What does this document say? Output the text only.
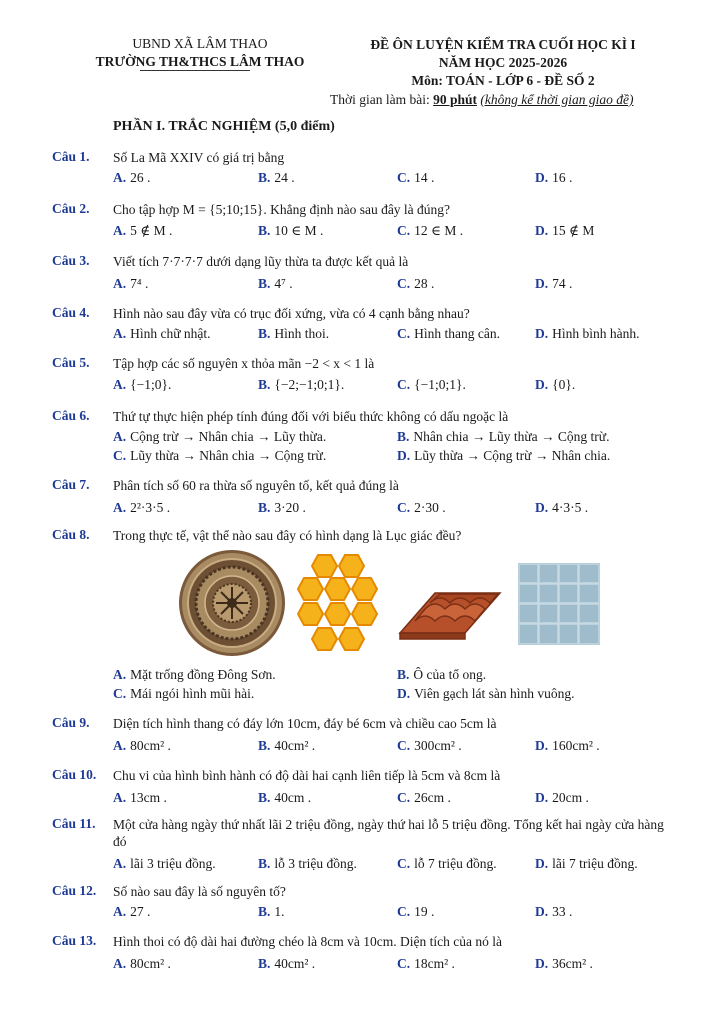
UBND XÃ LÂM THAO
TRƯỜNG TH&THCS LÂM THAO
ĐỀ ÔN LUYỆN KIỂM TRA CUỐI HỌC KÌ I
NĂM HỌC 2025-2026
Môn: TOÁN - LỚP 6 - ĐỀ SỐ 2
Thời gian làm bài: 90 phút (không kể thời gian giao đề)
PHẦN I. TRẮC NGHIỆM (5,0 điểm)
Câu 1. Số La Mã XXIV có giá trị bằng
A. 26 .	B. 24 .	C. 14 .	D. 16 .
Câu 2. Cho tập hợp M = {5;10;15}. Khẳng định nào sau đây là đúng?
A. 5 ∉ M .	B. 10 ∈ M .	C. 12 ∈ M .	D. 15 ∉ M
Câu 3. Viết tích 7·7·7·7 dưới dạng lũy thừa ta được kết quả là
A. 7⁴ .	B. 4⁷ .	C. 28 .	D. 74 .
Câu 4. Hình nào sau đây vừa có trục đối xứng, vừa có 4 cạnh bằng nhau?
A. Hình chữ nhật.	B. Hình thoi.	C. Hình thang cân.	D. Hình bình hành.
Câu 5. Tập hợp các số nguyên x thỏa mãn −2 < x < 1 là
A. {−1;0}.	B. {−2;−1;0;1}.	C. {−1;0;1}.	D. {0}.
Câu 6. Thứ tự thực hiện phép tính đúng đối với biểu thức không có dấu ngoặc là
A. Cộng trừ → Nhân chia → Lũy thừa.	B. Nhân chia → Lũy thừa → Cộng trừ.
C. Lũy thừa → Nhân chia → Cộng trừ.	D. Lũy thừa → Cộng trừ → Nhân chia.
Câu 7. Phân tích số 60 ra thừa số nguyên tố, kết quả đúng là
A. 2²·3·5 .	B. 3·20 .	C. 2·30 .	D. 4·3·5 .
Câu 8. Trong thực tế, vật thể nào sau đây có hình dạng là Lục giác đều?
A. Mặt trống đồng Đông Sơn.	B. Ô của tổ ong.
C. Mái ngói hình mũi hài.	D. Viên gạch lát sàn hình vuông.
Câu 9. Diện tích hình thang có đáy lớn 10cm, đáy bé 6cm và chiều cao 5cm là
A. 80cm² .	B. 40cm² .	C. 300cm² .	D. 160cm² .
Câu 10. Chu vi của hình bình hành có độ dài hai cạnh liên tiếp là 5cm và 8cm là
A. 13cm .	B. 40cm .	C. 26cm .	D. 20cm .
Câu 11. Một cửa hàng ngày thứ nhất lãi 2 triệu đồng, ngày thứ hai lỗ 5 triệu đồng. Tổng kết hai ngày cửa hàng đó
A. lãi 3 triệu đồng.	B. lỗ 3 triệu đồng.	C. lỗ 7 triệu đồng.	D. lãi 7 triệu đồng.
Câu 12. Số nào sau đây là số nguyên tố?
A. 27 .	B. 1.	C. 19 .	D. 33 .
Câu 13. Hình thoi có độ dài hai đường chéo là 8cm và 10cm. Diện tích của nó là
A. 80cm² .	B. 40cm² .	C. 18cm² .	D. 36cm² .
